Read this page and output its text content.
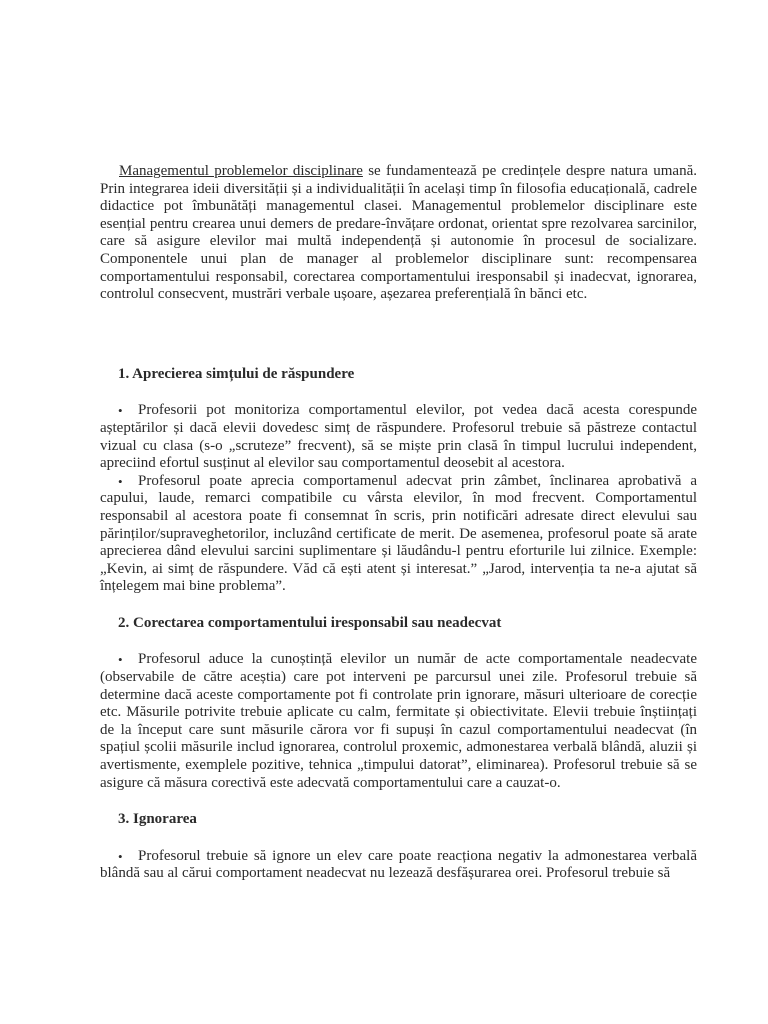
Managementul problemelor disciplinare se fundamentează pe credințele despre natura umană. Prin integrarea ideii diversității și a individualității în același timp în filosofia educațională, cadrele didactice pot îmbunătăți managementul clasei. Managementul problemelor disciplinare este esențial pentru crearea unui demers de predare-învățare ordonat, orientat spre rezolvarea sarcinilor, care să asigure elevilor mai multă independență și autonomie în procesul de socializare. Componentele unui plan de manager al problemelor disciplinare sunt: recompensarea comportamentului responsabil, corectarea comportamentului iresponsabil și inadecvat, ignorarea, controlul consecvent, mustrări verbale ușoare, așezarea preferențială în bănci etc.

1. Aprecierea simțului de răspundere

• Profesorii pot monitoriza comportamentul elevilor, pot vedea dacă acesta corespunde așteptărilor și dacă elevii dovedesc simț de răspundere. Profesorul trebuie să păstreze contactul vizual cu clasa (s-o „scruteze” frecvent), să se miște prin clasă în timpul lucrului independent, apreciind efortul susținut al elevilor sau comportamentul deosebit al acestora.
• Profesorul poate aprecia comportamenul adecvat prin zâmbet, înclinarea aprobativă a capului, laude, remarci compatibile cu vârsta elevilor, în mod frecvent. Comportamentul responsabil al acestora poate fi consemnat în scris, prin notificări adresate direct elevului sau părinților/supraveghetorilor, incluzând certificate de merit. De asemenea, profesorul poate să arate aprecierea dând elevului sarcini suplimentare și lăudându-l pentru eforturile lui zilnice. Exemple: „Kevin, ai simț de răspundere. Văd că ești atent și interesat.” „Jarod, intervenția ta ne-a ajutat să înțelegem mai bine problema”.

2. Corectarea comportamentului iresponsabil sau neadecvat

• Profesorul aduce la cunoștință elevilor un număr de acte comportamentale neadecvate (observabile de către aceștia) care pot interveni pe parcursul unei zile. Profesorul trebuie să determine dacă aceste comportamente pot fi controlate prin ignorare, măsuri ulterioare de corecție etc. Măsurile potrivite trebuie aplicate cu calm, fermitate și obiectivitate. Elevii trebuie înștiințați de la început care sunt măsurile cărora vor fi supuși în cazul comportamentului neadecvat (în spațiul școlii măsurile includ ignorarea, controlul proxemic, admonestarea verbală blândă, aluzii și avertismente, exemplele pozitive, tehnica „timpului datorat”, eliminarea). Profesorul trebuie să se asigure că măsura corectivă este adecvată comportamentului care a cauzat-o.

3. Ignorarea

• Profesorul trebuie să ignore un elev care poate reacționa negativ la admonestarea verbală blândă sau al cărui comportament neadecvat nu lezează desfășurarea orei. Profesorul trebuie să
